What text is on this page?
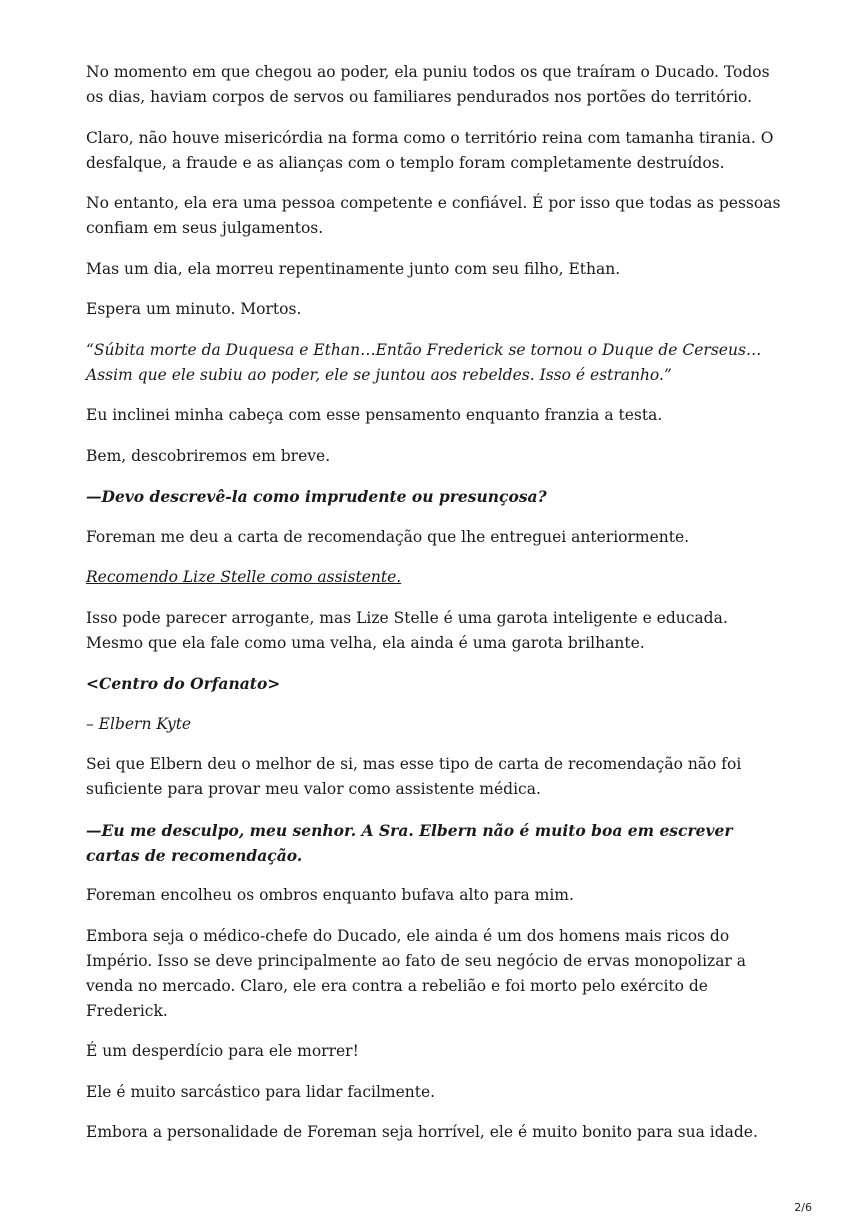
No momento em que chegou ao poder, ela puniu todos os que traíram o Ducado. Todos os dias, haviam corpos de servos ou familiares pendurados nos portões do território.

Claro, não houve misericórdia na forma como o território reina com tamanha tirania. O desfalque, a fraude e as alianças com o templo foram completamente destruídos.

No entanto, ela era uma pessoa competente e confiável. É por isso que todas as pessoas confiam em seus julgamentos.

Mas um dia, ela morreu repentinamente junto com seu filho, Ethan.

Espera um minuto. Mortos.

“Súbita morte da Duquesa e Ethan…Então Frederick se tornou o Duque de Cerseus… Assim que ele subiu ao poder, ele se juntou aos rebeldes. Isso é estranho.”

Eu inclinei minha cabeça com esse pensamento enquanto franzia a testa.

Bem, descobriremos em breve.

—Devo descrevê-la como imprudente ou presunçosa?

Foreman me deu a carta de recomendação que lhe entreguei anteriormente.

Recomendo Lize Stelle como assistente.

Isso pode parecer arrogante, mas Lize Stelle é uma garota inteligente e educada. Mesmo que ela fale como uma velha, ela ainda é uma garota brilhante.

<Centro do Orfanato>

– Elbern Kyte

Sei que Elbern deu o melhor de si, mas esse tipo de carta de recomendação não foi suficiente para provar meu valor como assistente médica.

—Eu me desculpo, meu senhor. A Sra. Elbern não é muito boa em escrever cartas de recomendação.

Foreman encolheu os ombros enquanto bufava alto para mim.

Embora seja o médico-chefe do Ducado, ele ainda é um dos homens mais ricos do Império. Isso se deve principalmente ao fato de seu negócio de ervas monopolizar a venda no mercado. Claro, ele era contra a rebelião e foi morto pelo exército de Frederick.

É um desperdício para ele morrer!

Ele é muito sarcástico para lidar facilmente.

Embora a personalidade de Foreman seja horrível, ele é muito bonito para sua idade.

2/6
